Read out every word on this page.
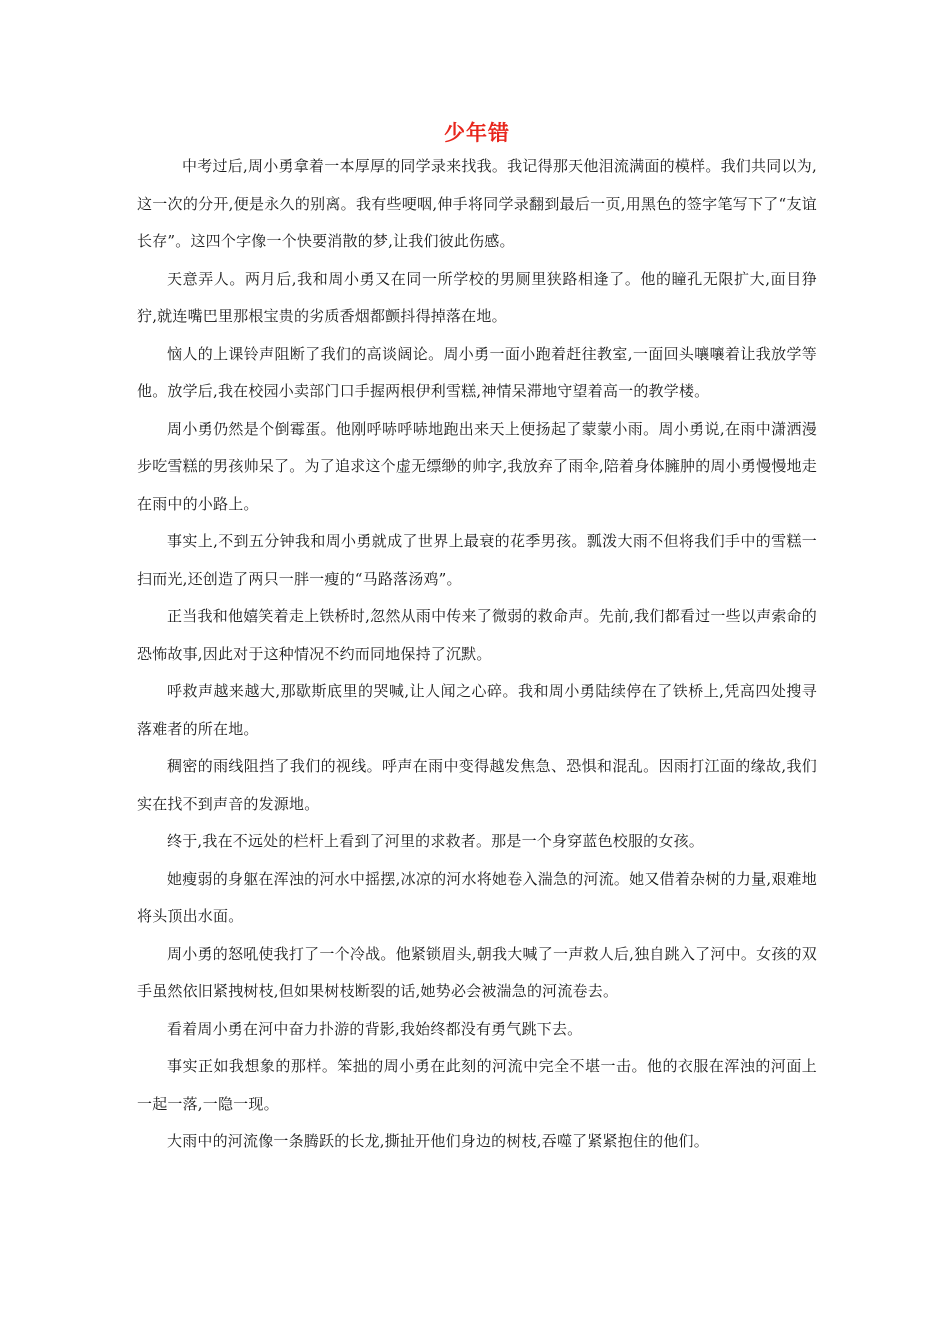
少年错

中考过后,周小勇拿着一本厚厚的同学录来找我。我记得那天他泪流满面的模样。我们共同以为,这一次的分开,便是永久的别离。我有些哽咽,伸手将同学录翻到最后一页,用黑色的签字笔写下了“友谊长存”。这四个字像一个快要消散的梦,让我们彼此伤感。

天意弄人。两月后,我和周小勇又在同一所学校的男厕里狭路相逢了。他的瞳孔无限扩大,面目狰狞,就连嘴巴里那根宝贵的劣质香烟都颤抖得掉落在地。

恼人的上课铃声阻断了我们的高谈阔论。周小勇一面小跑着赶往教室,一面回头嚷嚷着让我放学等他。放学后,我在校园小卖部门口手握两根伊利雪糕,神情呆滞地守望着高一的教学楼。

周小勇仍然是个倒霉蛋。他刚呼哧呼哧地跑出来天上便扬起了蒙蒙小雨。周小勇说,在雨中潇洒漫步吃雪糕的男孩帅呆了。为了追求这个虚无缥缈的帅字,我放弃了雨伞,陪着身体臃肿的周小勇慢慢地走在雨中的小路上。

事实上,不到五分钟我和周小勇就成了世界上最衰的花季男孩。瓢泼大雨不但将我们手中的雪糕一扫而光,还创造了两只一胖一瘦的“马路落汤鸡”。

正当我和他嬉笑着走上铁桥时,忽然从雨中传来了微弱的救命声。先前,我们都看过一些以声索命的恐怖故事,因此对于这种情况不约而同地保持了沉默。

呼救声越来越大,那歇斯底里的哭喊,让人闻之心碎。我和周小勇陆续停在了铁桥上,凭高四处搜寻落难者的所在地。

稠密的雨线阻挡了我们的视线。呼声在雨中变得越发焦急、恐惧和混乱。因雨打江面的缘故,我们实在找不到声音的发源地。

终于,我在不远处的栏杆上看到了河里的求救者。那是一个身穿蓝色校服的女孩。

她瘦弱的身躯在浑浊的河水中摇摆,冰凉的河水将她卷入湍急的河流。她又借着杂树的力量,艰难地将头顶出水面。

周小勇的怒吼使我打了一个冷战。他紧锁眉头,朝我大喊了一声救人后,独自跳入了河中。女孩的双手虽然依旧紧拽树枝,但如果树枝断裂的话,她势必会被湍急的河流卷去。

看着周小勇在河中奋力扑游的背影,我始终都没有勇气跳下去。

事实正如我想象的那样。笨拙的周小勇在此刻的河流中完全不堪一击。他的衣服在浑浊的河面上一起一落,一隐一现。

大雨中的河流像一条腾跃的长龙,撕扯开他们身边的树枝,吞噬了紧紧抱住的他们。
